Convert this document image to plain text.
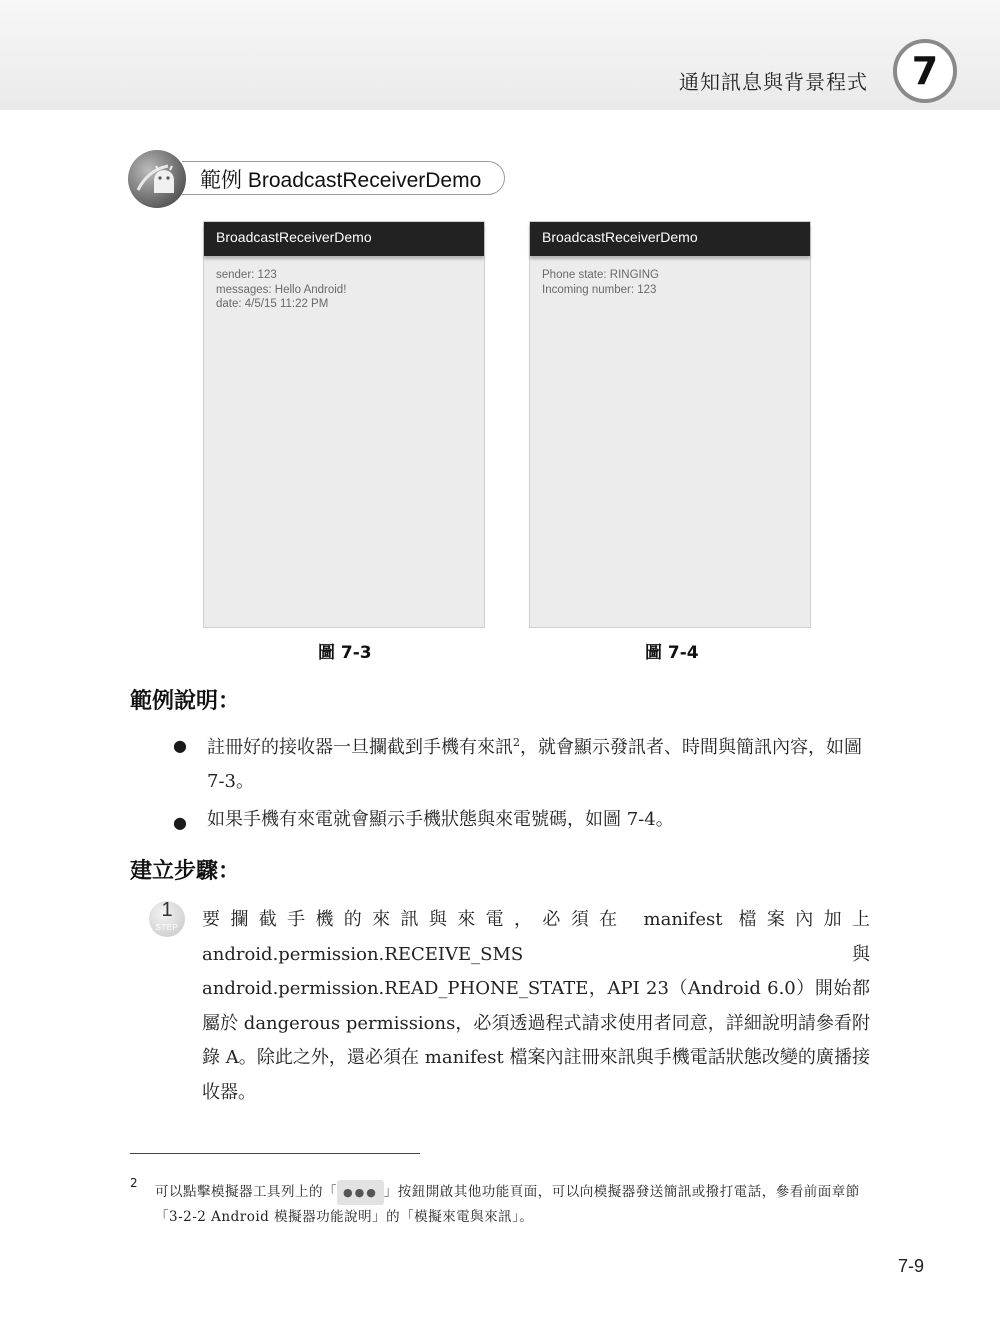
通知訊息與背景程式	7
範例 BroadcastReceiverDemo
BroadcastReceiverDemo
sender: 123
messages: Hello Android!
date: 4/5/15 11:22 PM
圖 7-3
BroadcastReceiverDemo
Phone state: RINGING
Incoming number: 123
圖 7-4
範例說明：
● 註冊好的接收器一旦攔截到手機有來訊$^2$，就會顯示發訊者、時間與簡訊內容，如圖 7-3。
● 如果手機有來電就會顯示手機狀態與來電號碼，如圖 7-4。
建立步驟：
1
STEP	要攔截手機的來訊與來電，必須在 manifest 檔案內加上 android.permission.RECEIVE_SMS 與 android.permission.READ_PHONE_STATE，API 23（Android 6.0）開始都屬於 dangerous permissions，必須透過程式請求使用者同意，詳細說明請參看附錄 A。除此之外，還必須在 manifest 檔案內註冊來訊與手機電話狀態改變的廣播接收器。
2
可以點擊模擬器工具列上的「 ●●● 」按鈕開啟其他功能頁面，可以向模擬器發送簡訊或撥打電話，參看前面章節「3-2-2 Android 模擬器功能說明」的「模擬來電與來訊」。
7-9
